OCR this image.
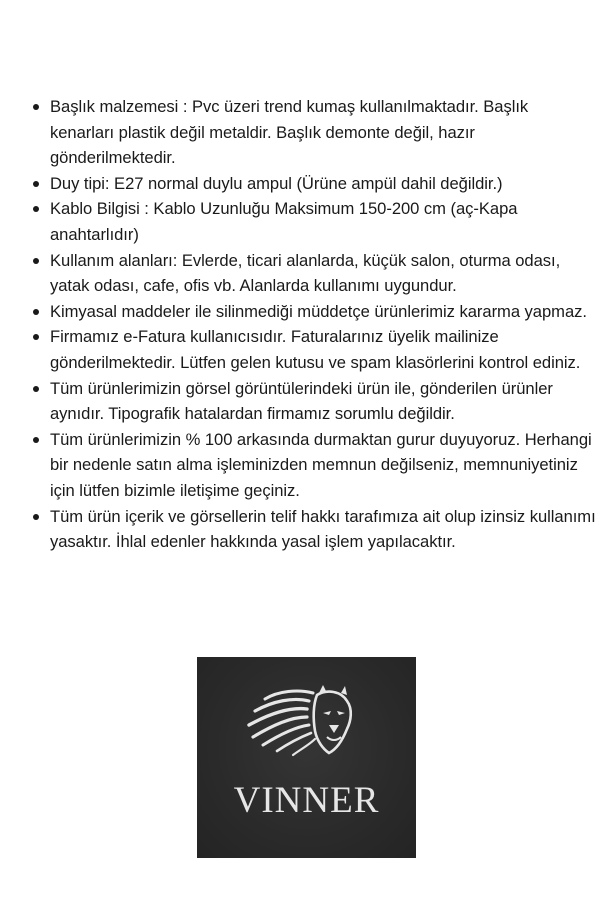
Başlık malzemesi : Pvc üzeri trend kumaş kullanılmaktadır. Başlık kenarları plastik değil metaldir. Başlık demonte değil, hazır gönderilmektedir.
Duy tipi: E27 normal duylu ampul (Ürüne ampül dahil değildir.)
Kablo Bilgisi : Kablo Uzunluğu Maksimum 150-200 cm (aç-Kapa anahtarlıdır)
Kullanım alanları: Evlerde, ticari alanlarda, küçük salon, oturma odası, yatak odası, cafe, ofis vb. Alanlarda kullanımı uygundur.
Kimyasal maddeler ile silinmediği müddetçe ürünlerimiz kararma yapmaz.
Firmamız e-Fatura kullanıcısıdır. Faturalarınız üyelik mailinize gönderilmektedir. Lütfen gelen kutusu ve spam klasörlerini kontrol ediniz.
Tüm ürünlerimizin görsel görüntülerindeki ürün ile, gönderilen ürünler aynıdır. Tipografik hatalardan firmamız sorumlu değildir.
Tüm ürünlerimizin % 100 arkasında durmaktan gurur duyuyoruz. Herhangi bir nedenle satın alma işleminizden memnun değilseniz, memnuniyetiniz için lütfen bizimle iletişime geçiniz.
Tüm ürün içerik ve görsellerin telif hakkı tarafımıza ait olup izinsiz kullanımı yasaktır. İhlal edenler hakkında yasal işlem yapılacaktır.
VINNER
